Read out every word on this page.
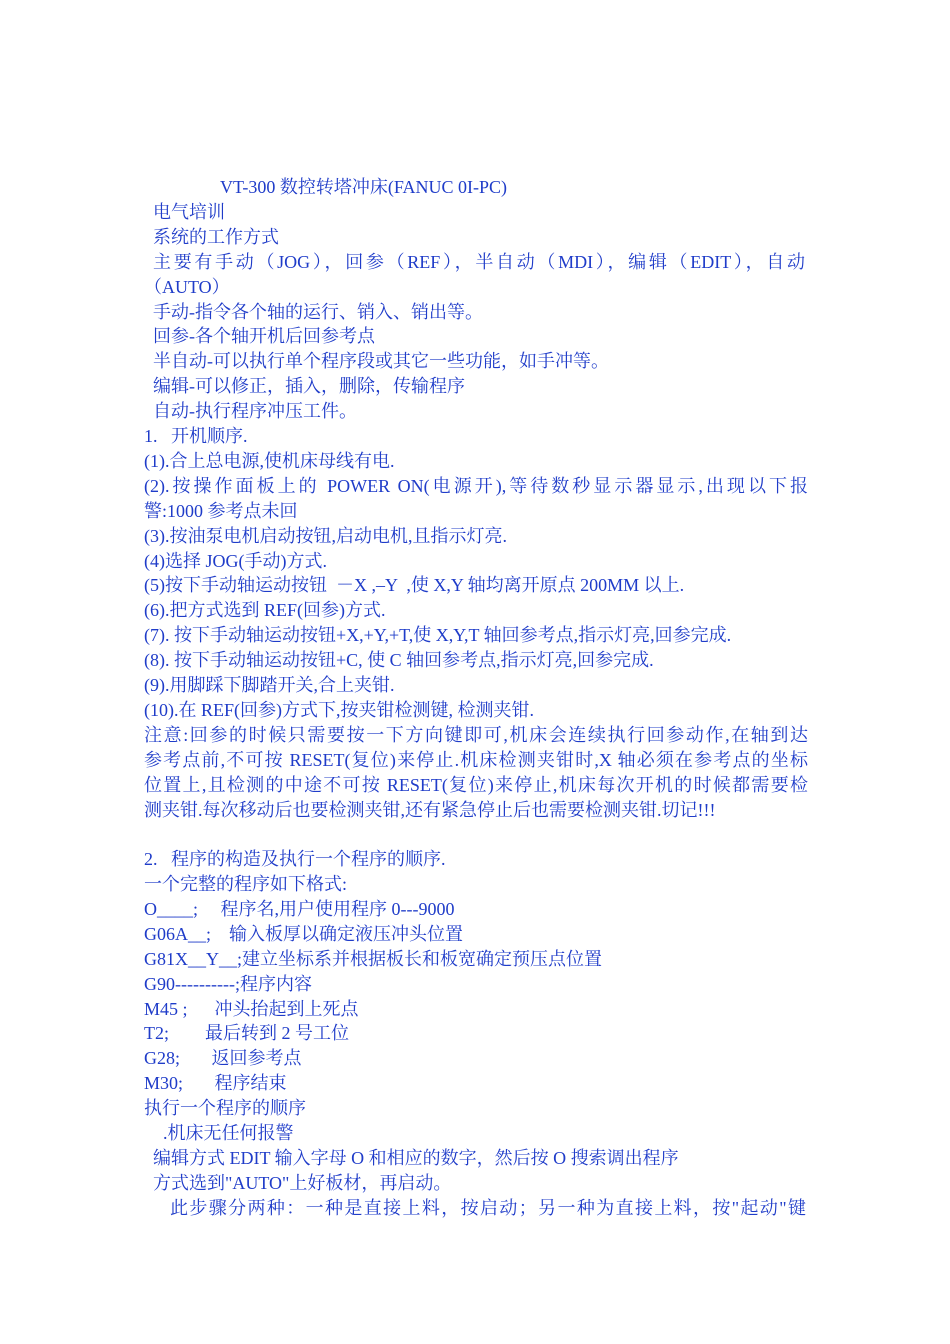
VT-300 数控转塔冲床(FANUC 0I-PC)
电气培训
系统的工作方式
主要有手动（JOG），回参（REF），半自动（MDI），编辑（EDIT），自动
（AUTO）
手动-指令各个轴的运行、销入、销出等。
回参-各个轴开机后回参考点
半自动-可以执行单个程序段或其它一些功能，如手冲等。
编辑-可以修正，插入，删除，传输程序
自动-执行程序冲压工件。
1.   开机顺序.
(1).合上总电源,使机床母线有电.
(2).按操作面板上的 POWER ON(电源开),等待数秒显示器显示,出现以下报
警:1000 参考点未回
(3).按油泵电机启动按钮,启动电机,且指示灯亮.
(4)选择 JOG(手动)方式.
(5)按下手动轴运动按钮  －X ,–Y  ,使 X,Y 轴均离开原点 200MM 以上.
(6).把方式选到 REF(回参)方式.
(7). 按下手动轴运动按钮+X,+Y,+T,使 X,Y,T 轴回参考点,指示灯亮,回参完成.
(8). 按下手动轴运动按钮+C, 使 C 轴回参考点,指示灯亮,回参完成.
(9).用脚踩下脚踏开关,合上夹钳.
(10).在 REF(回参)方式下,按夹钳检测键, 检测夹钳.
注意:回参的时候只需要按一下方向键即可,机床会连续执行回参动作,在轴到达
参考点前,不可按 RESET(复位)来停止.机床检测夹钳时,X 轴必须在参考点的坐标
位置上,且检测的中途不可按 RESET(复位)来停止,机床每次开机的时候都需要检
测夹钳.每次移动后也要检测夹钳,还有紧急停止后也需要检测夹钳.切记!!!
2.   程序的构造及执行一个程序的顺序.
一个完整的程序如下格式:
O____;     程序名,用户使用程序 0---9000
G06A__;    输入板厚以确定液压冲头位置
G81X__Y__;建立坐标系并根据板长和板宽确定预压点位置
G90----------;程序内容
M45 ;      冲头抬起到上死点
T2;        最后转到 2 号工位
G28;       返回参考点
M30;       程序结束
执行一个程序的顺序
.机床无任何报警
编辑方式 EDIT 输入字母 O 和相应的数字，然后按 O 搜索调出程序
方式选到"AUTO"上好板材，再启动。
此步骤分两种：一种是直接上料，按启动；另一种为直接上料，按"起动"键
